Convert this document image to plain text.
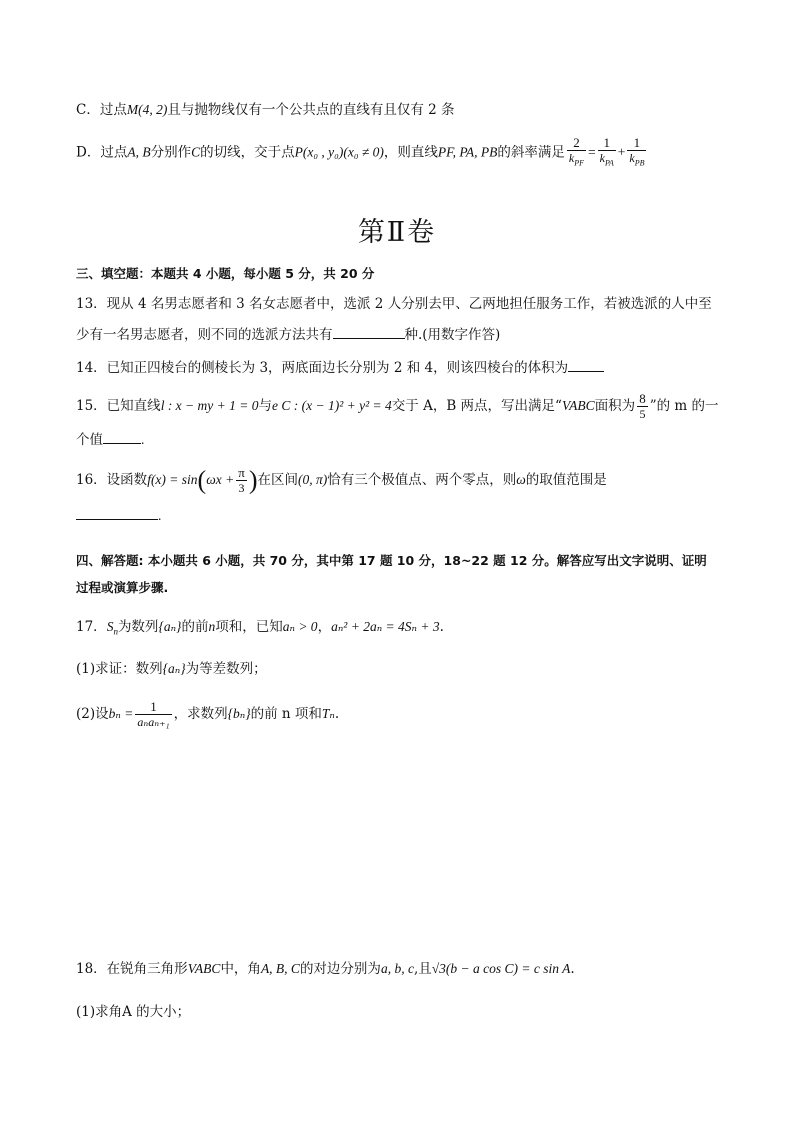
C．过点M(4, 2)且与抛物线仅有一个公共点的直线有且仅有 2 条
D．过点A, B分别作C的切线，交于点P(x₀ , y₀)(x₀ ≠ 0)，则直线PF, PA, PB的斜率满足 $\frac{2}{k_{PF}} = \frac{1}{k_{PA}} + \frac{1}{k_{PB}}$
第Ⅱ卷
三、填空题：本题共 4 小题，每小题 5 分，共 20 分
13．现从 4 名男志愿者和 3 名女志愿者中，选派 2 人分别去甲、乙两地担任服务工作，若被选派的人中至
少有一名男志愿者，则不同的选派方法共有	种.(用数字作答)
14．已知正四棱台的侧棱长为 3，两底面边长分别为 2 和 4，则该四棱台的体积为
15．已知直线l : x − my + 1 = 0与e C : (x − 1)² + y² = 4交于 A，B 两点，写出满足“VABC面积为 $\frac{8}{5}$ ”的 m 的一
个值	.
16．设函数$f(x) = \sin(\omega x + \frac{\pi}{3}$ )在区间(0, π)恰有三个极值点、两个零点，则ω的取值范围是
.
四、解答题: 本小题共 6 小题，共 70 分，其中第 17 题 10 分，18~22 题 12 分。解答应写出文字说明、证明
过程或演算步骤.
17．$S_n$为数列{aₙ}的前n项和，已知aₙ > 0，aₙ² + 2aₙ = 4Sₙ + 3.
(1)求证：数列{aₙ}为等差数列；
(2)设$b_n = \frac{1}{\text{aₙaₙ₊₁}}$ ，求数列{bₙ}的前 n 项和Tₙ.
18．在锐角三角形VABC中，角A, B, C的对边分别为a, b, c,且√3(b − a cos C) = c sin A.
(1)求角A 的大小；
